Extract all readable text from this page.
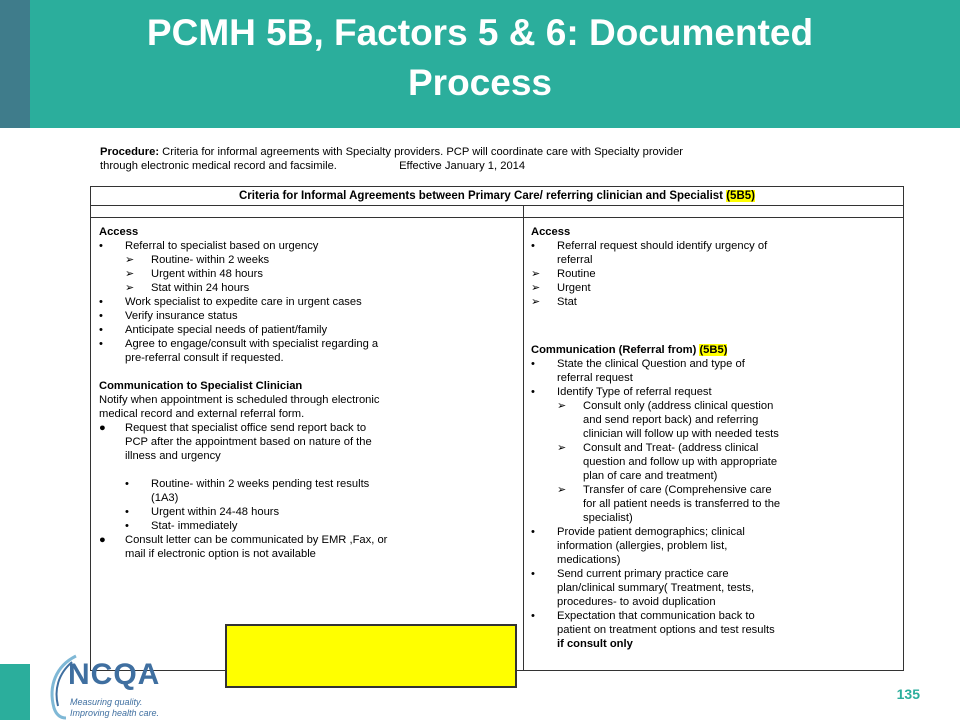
PCMH 5B, Factors 5 & 6: Documented
Process
Procedure: Criteria for informal agreements with Specialty providers. PCP will coordinate care with Specialty provider
through electronic medical record and facsimile.                    Effective January 1, 2014
Criteria for Informal Agreements between Primary Care/ referring clinician and Specialist (5B5)
Access
•	Referral to specialist based on urgency
➢ Routine- within 2 weeks
➢ Urgent within 48 hours
➢ Stat within 24 hours
•	Work specialist to expedite care in urgent cases
•	Verify insurance status
•	Anticipate special needs of patient/family
•	Agree to engage/consult with specialist regarding a
pre-referral consult if requested.
Communication to Specialist Clinician
Notify when appointment is scheduled through electronic
medical record and external referral form.
●	Request that specialist office send report back to
PCP after the appointment based on nature of the
illness and urgency
• Routine- within 2 weeks pending test results
(1A3)
• Urgent within 24-48 hours
• Stat- immediately
●	Consult letter can be communicated by EMR ,Fax, or
mail if electronic option is not available
Access
•	Referral request should identify urgency of
referral
➢	Routine
➢	Urgent
➢	Stat
Communication (Referral from) (5B5)
•	State the clinical Question and type of
referral request
•	Identify Type of referral request
➢ Consult only (address clinical question
and send report back) and referring
clinician will follow up with needed tests
➢ Consult and Treat- (address clinical
question and follow up with appropriate
plan of care and treatment)
➢ Transfer of care (Comprehensive care
for all patient needs is transferred to the
specialist)
•	Provide patient demographics; clinical
information (allergies, problem list,
medications)
•	Send current primary practice care
plan/clinical summary( Treatment, tests,
procedures- to avoid duplication
•	Expectation that communication back to
patient on treatment options and test results
if consult only
NCQA
Measuring quality.
Improving health care.
135
